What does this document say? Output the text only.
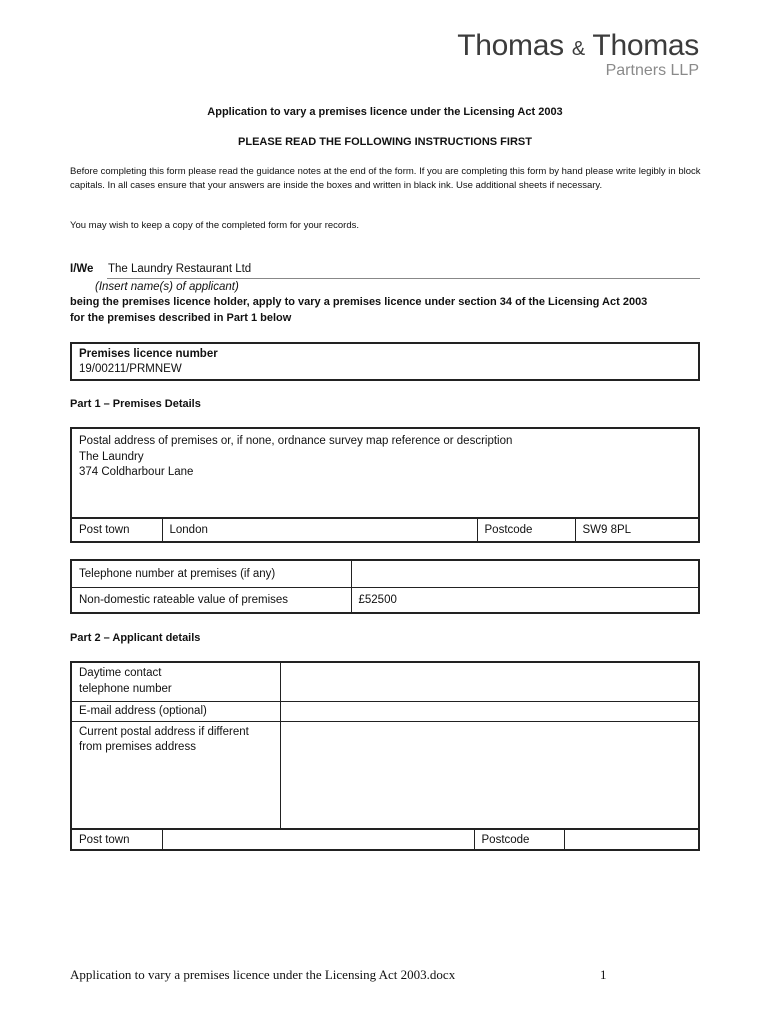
Thomas & Thomas
Partners LLP
Application to vary a premises licence under the Licensing Act 2003
PLEASE READ THE FOLLOWING INSTRUCTIONS FIRST
Before completing this form please read the guidance notes at the end of the form. If you are completing this form by hand please write legibly in block capitals. In all cases ensure that your answers are inside the boxes and written in black ink. Use additional sheets if necessary.
You may wish to keep a copy of the completed form for your records.
I/We The Laundry Restaurant Ltd
(Insert name(s) of applicant)
being the premises licence holder, apply to vary a premises licence under section 34 of the Licensing Act 2003
for the premises described in Part 1 below
Premises licence number
19/00211/PRMNEW
Part 1 – Premises Details
Postal address of premises or, if none, ordnance survey map reference or description
The Laundry
374 Coldharbour Lane
Post town	London	Postcode	SW9 8PL
Telephone number at premises (if any)	
Non-domestic rateable value of premises	£52500
Part 2 – Applicant details
Daytime contact
telephone number	

E-mail address (optional)	

Current postal address if different
from premises address	

Post town		Postcode	
Application to vary a premises licence under the Licensing Act 2003.docx	1
